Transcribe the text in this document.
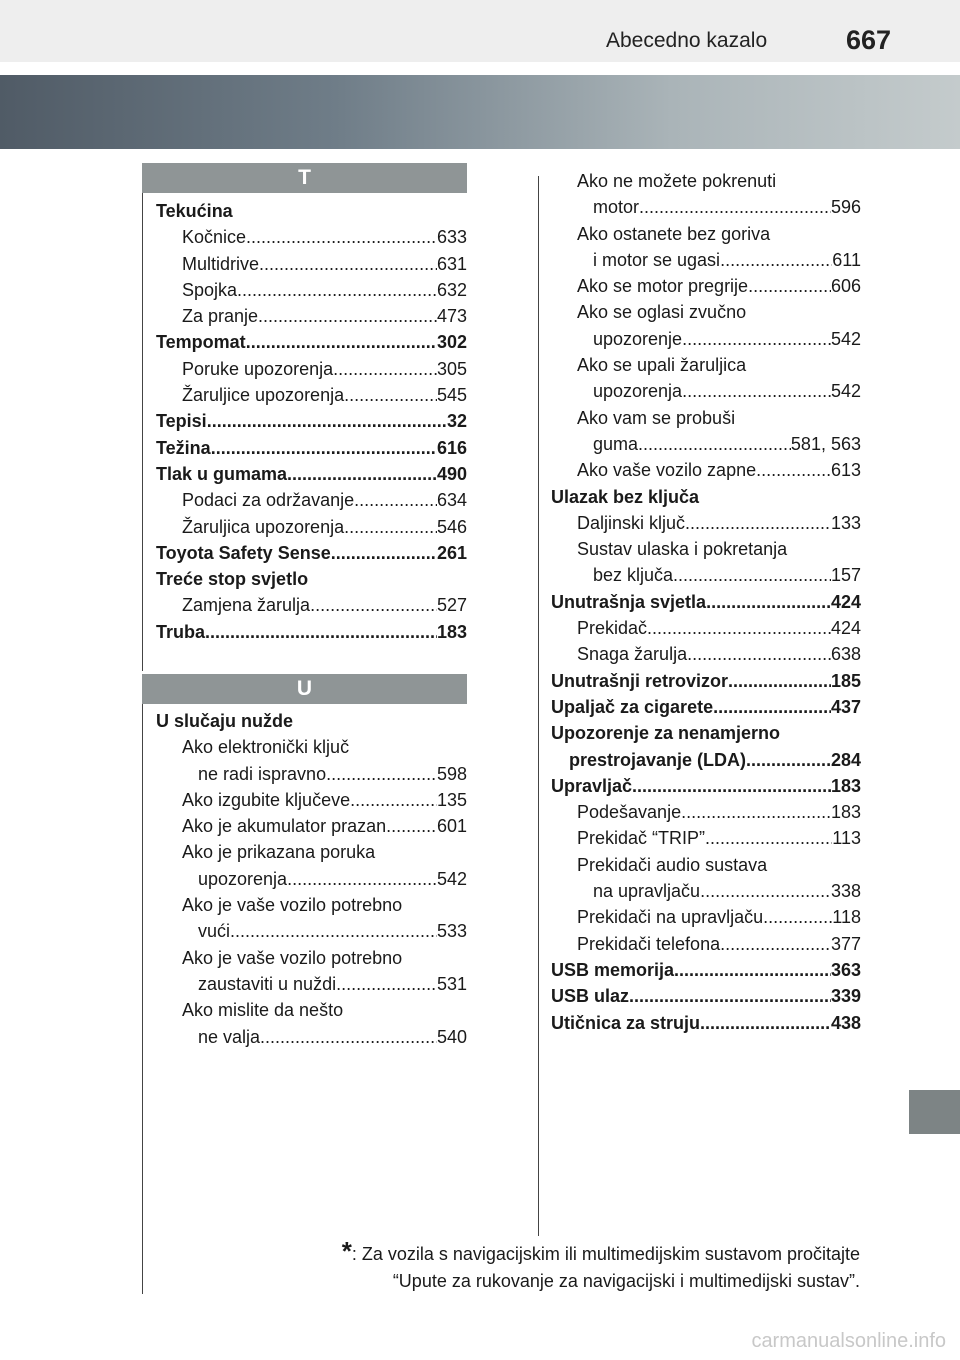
Abecedno kazalo	667
T
U
Tekućina
Kočnice .....	633
Multidrive .....	631
Spojka .....	632
Za pranje .....	473
Tempomat .....	302
Poruke upozorenja .....	305
Žaruljice upozorenja .....	545
Tepisi .....	32
Težina .....	616
Tlak u gumama .....	490
Podaci za održavanje .....	634
Žaruljica upozorenja .....	546
Toyota Safety Sense .....	261
Treće stop svjetlo
Zamjena žarulja .....	527
Truba .....	183
U slučaju nužde
Ako elektronički ključ
ne radi ispravno .....	598
Ako izgubite ključeve .....	135
Ako je akumulator prazan .....	601
Ako je prikazana poruka
upozorenja .....	542
Ako je vaše vozilo potrebno
vući .....	533
Ako je vaše vozilo potrebno
zaustaviti u nuždi .....	531
Ako mislite da nešto
ne valja .....	540
Ako ne možete pokrenuti
motor .....	596
Ako ostanete bez goriva
i motor se ugasi .....	611
Ako se motor pregrije .....	606
Ako se oglasi zvučno
upozorenje .....	542
Ako se upali žaruljica
upozorenja .....	542
Ako vam se probuši
guma .....	581, 563
Ako vaše vozilo zapne .....	613
Ulazak bez ključa
Daljinski ključ .....	133
Sustav ulaska i pokretanja
bez ključa .....	157
Unutrašnja svjetla .....	424
Prekidač .....	424
Snaga žarulja .....	638
Unutrašnji retrovizor .....	185
Upaljač za cigarete .....	437
Upozorenje za nenamjerno
prestrojavanje (LDA) .....	284
Upravljač .....	183
Podešavanje .....	183
Prekidač “TRIP” .....	113
Prekidači audio sustava
na upravljaču .....	338
Prekidači na upravljaču .....	118
Prekidači telefona .....	377
USB memorija .....	363
USB ulaz .....	339
Utičnica za struju .....	438
*: Za vozila s navigacijskim ili multimedijskim sustavom pročitajte
“Upute za rukovanje za navigacijski i multimedijski sustav”.
carmanualsonline.info
